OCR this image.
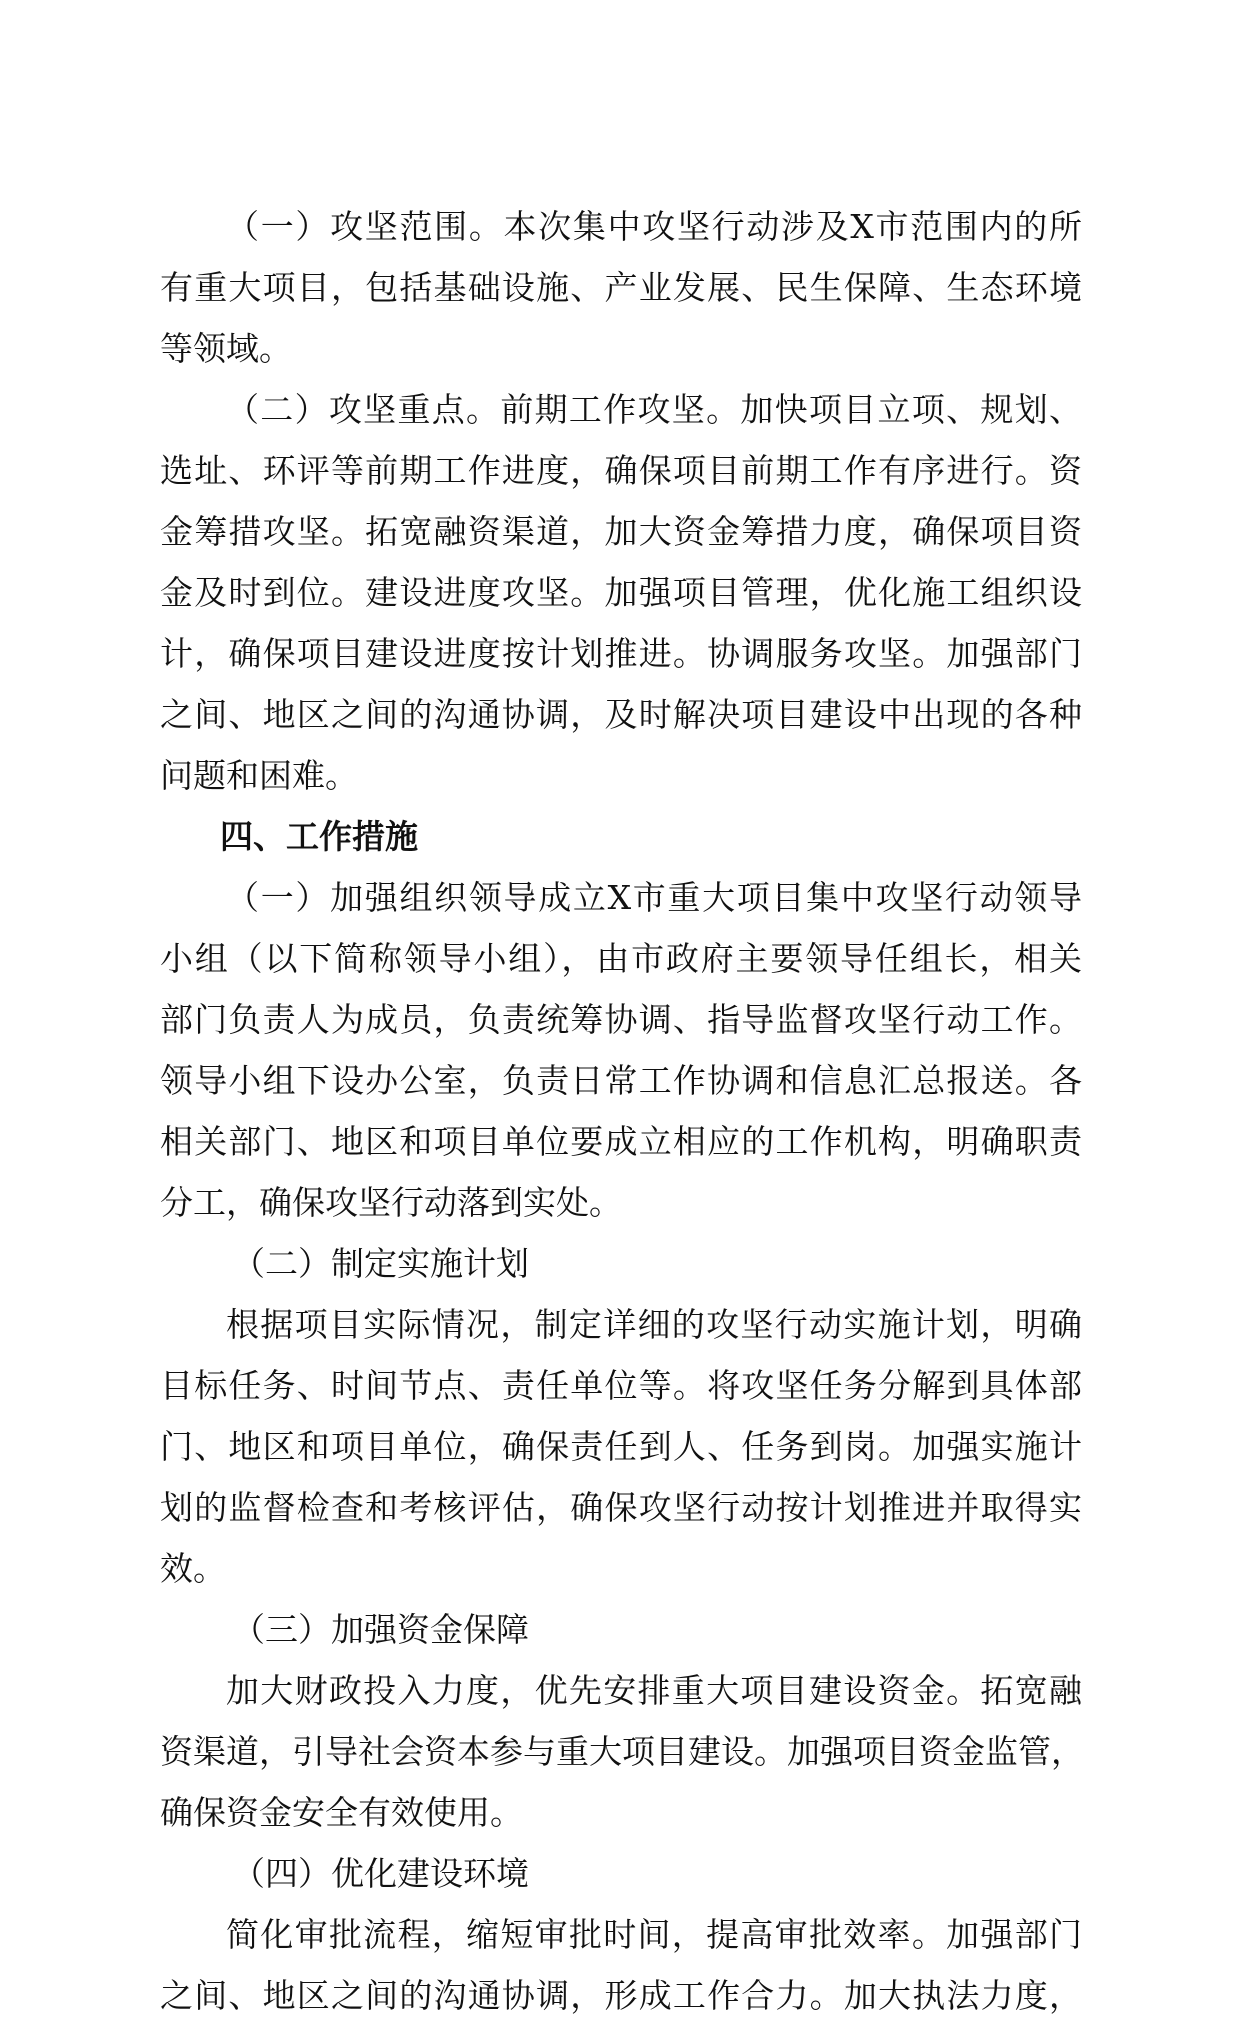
（一）攻坚范围。本次集中攻坚行动涉及X市范围内的所
有重大项目，包括基础设施、产业发展、民生保障、生态环境
等领域。
（二）攻坚重点。前期工作攻坚。加快项目立项、规划、
选址、环评等前期工作进度，确保项目前期工作有序进行。资
金筹措攻坚。拓宽融资渠道，加大资金筹措力度，确保项目资
金及时到位。建设进度攻坚。加强项目管理，优化施工组织设
计，确保项目建设进度按计划推进。协调服务攻坚。加强部门
之间、地区之间的沟通协调，及时解决项目建设中出现的各种
问题和困难。
四、工作措施
（一）加强组织领导成立X市重大项目集中攻坚行动领导
小组（以下简称领导小组），由市政府主要领导任组长，相关
部门负责人为成员，负责统筹协调、指导监督攻坚行动工作。
领导小组下设办公室，负责日常工作协调和信息汇总报送。各
相关部门、地区和项目单位要成立相应的工作机构，明确职责
分工，确保攻坚行动落到实处。
（二）制定实施计划
根据项目实际情况，制定详细的攻坚行动实施计划，明确
目标任务、时间节点、责任单位等。将攻坚任务分解到具体部
门、地区和项目单位，确保责任到人、任务到岗。加强实施计
划的监督检查和考核评估，确保攻坚行动按计划推进并取得实
效。
（三）加强资金保障
加大财政投入力度，优先安排重大项目建设资金。拓宽融
资渠道，引导社会资本参与重大项目建设。加强项目资金监管，
确保资金安全有效使用。
（四）优化建设环境
简化审批流程，缩短审批时间，提高审批效率。加强部门
之间、地区之间的沟通协调，形成工作合力。加大执法力度，
